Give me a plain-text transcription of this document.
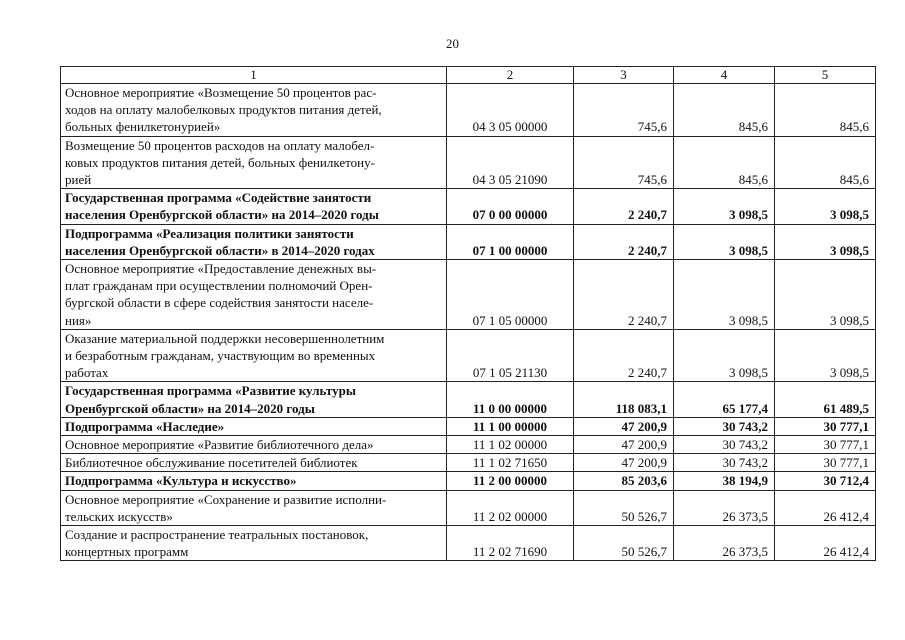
20
1	2	3	4	5
Основное мероприятие «Возмещение 50 процентов рас-
ходов на оплату малобелковых продуктов питания детей,
больных фенилкетонурией»	04 3 05 00000	745,6	845,6	845,6
Возмещение 50 процентов расходов на оплату малобел-
ковых продуктов питания детей, больных фенилкетону-
рией	04 3 05 21090	745,6	845,6	845,6
Государственная программа «Содействие занятости
населения Оренбургской области» на 2014–2020 годы	07 0 00 00000	2 240,7	3 098,5	3 098,5
Подпрограмма «Реализация политики занятости
населения Оренбургской области» в 2014–2020 годах	07 1 00 00000	2 240,7	3 098,5	3 098,5
Основное мероприятие «Предоставление денежных вы-
плат гражданам при осуществлении полномочий Орен-
бургской области в сфере содействия занятости населе-
ния»	07 1 05 00000	2 240,7	3 098,5	3 098,5
Оказание материальной поддержки несовершеннолетним
и безработным гражданам, участвующим во временных
работах	07 1 05 21130	2 240,7	3 098,5	3 098,5
Государственная программа «Развитие культуры
Оренбургской области» на 2014–2020 годы	11 0 00 00000	118 083,1	65 177,4	61 489,5
Подпрограмма «Наследие»	11 1 00 00000	47 200,9	30 743,2	30 777,1
Основное мероприятие «Развитие библиотечного дела»	11 1 02 00000	47 200,9	30 743,2	30 777,1
Библиотечное обслуживание посетителей библиотек	11 1 02 71650	47 200,9	30 743,2	30 777,1
Подпрограмма «Культура и искусство»	11 2 00 00000	85 203,6	38 194,9	30 712,4
Основное мероприятие «Сохранение и развитие исполни-
тельских искусств»	11 2 02 00000	50 526,7	26 373,5	26 412,4
Создание и распространение театральных постановок,
концертных программ	11 2 02 71690	50 526,7	26 373,5	26 412,4
